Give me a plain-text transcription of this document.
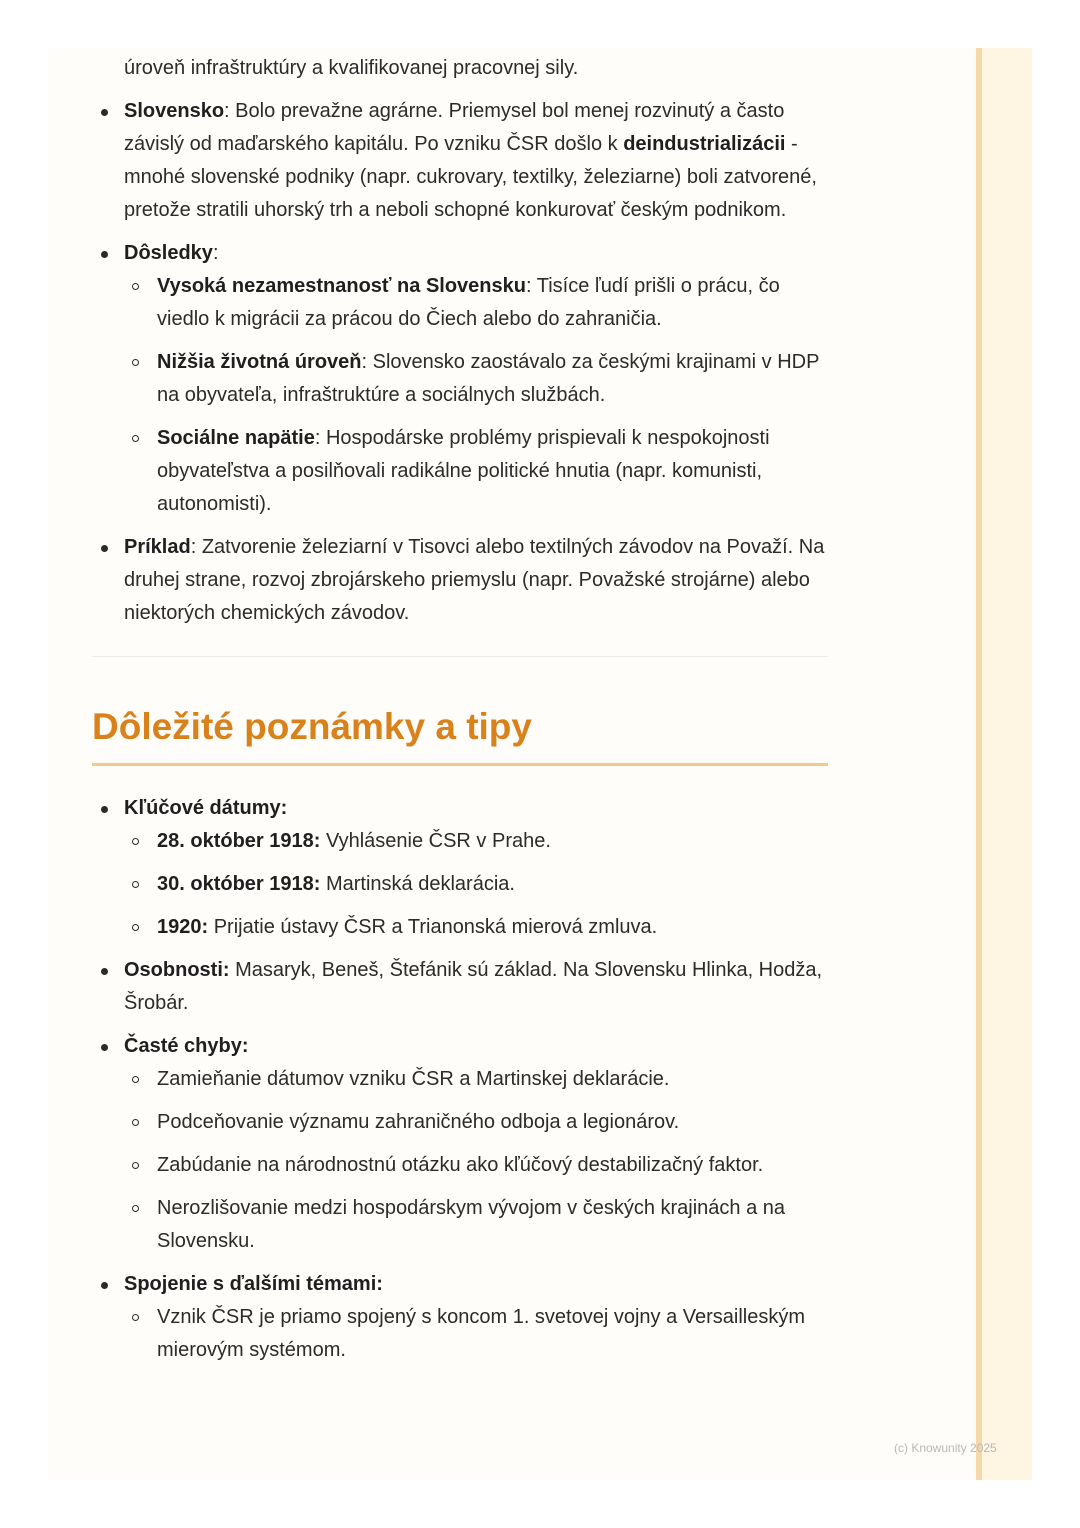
úroveň infraštruktúry a kvalifikovanej pracovnej sily.

Slovensko: Bolo prevažne agrárne. Priemysel bol menej rozvinutý a často závislý od maďarského kapitálu. Po vzniku ČSR došlo k deindustrializácii - mnohé slovenské podniky (napr. cukrovary, textilky, železiarne) boli zatvorené, pretože stratili uhorský trh a neboli schopné konkurovať českým podnikom.
Dôsledky:
Vysoká nezamestnanosť na Slovensku: Tisíce ľudí prišli o prácu, čo viedlo k migrácii za prácou do Čiech alebo do zahraničia.
Nižšia životná úroveň: Slovensko zaostávalo za českými krajinami v HDP na obyvateľa, infraštruktúre a sociálnych službách.
Sociálne napätie: Hospodárske problémy prispievali k nespokojnosti obyvateľstva a posilňovali radikálne politické hnutia (napr. komunisti, autonomisti).
Príklad: Zatvorenie železiarní v Tisovci alebo textilných závodov na Považí. Na druhej strane, rozvoj zbrojárskeho priemyslu (napr. Považské strojárne) alebo niektorých chemických závodov.
Dôležité poznámky a tipy
Kľúčové dátumy:
28. október 1918: Vyhlásenie ČSR v Prahe.
30. október 1918: Martinská deklarácia.
1920: Prijatie ústavy ČSR a Trianonská mierová zmluva.
Osobnosti: Masaryk, Beneš, Štefánik sú základ. Na Slovensku Hlinka, Hodža, Šrobár.
Časté chyby:
Zamieňanie dátumov vzniku ČSR a Martinskej deklarácie.
Podceňovanie významu zahraničného odboja a legionárov.
Zabúdanie na národnostnú otázku ako kľúčový destabilizačný faktor.
Nerozlišovanie medzi hospodárskym vývojom v českých krajinách a na Slovensku.
Spojenie s ďalšími témami:
Vznik ČSR je priamo spojený s koncom 1. svetovej vojny a Versailleským mierovým systémom.
(c) Knowunity 2025
